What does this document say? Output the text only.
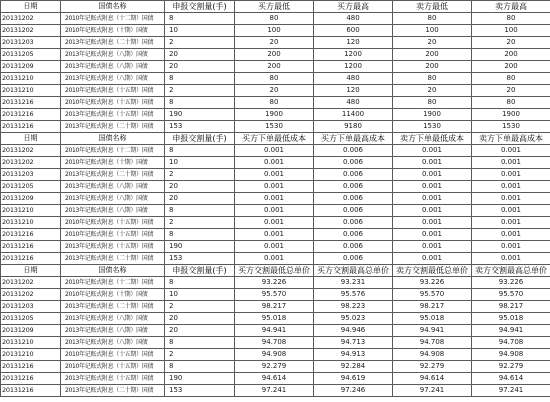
日期	国债名称	申报交割量(手)	买方最低	买方最高	卖方最低	卖方最高
20131202	2010年记账式附息（十二期）国债	8	80	480	80	80
20131202	2010年记账式附息（十期）国债	10	100	600	100	100
20131203	2013年记账式附息（二十期）国债	2	20	120	20	20
20131205	2013年记账式附息（八期）国债	20	200	1200	200	200
20131209	2013年记账式附息（八期）国债	20	200	1200	200	200
20131210	2013年记账式附息（八期）国债	8	80	480	80	80
20131210	2010年记账式附息（十五期）国债	2	20	120	20	20
20131216	2010年记账式附息（十五期）国债	8	80	480	80	80
20131216	2013年记账式附息（十五期）国债	190	1900	11400	1900	1900
20131216	2013年记账式附息（二十期）国债	153	1530	9180	1530	1530
日期	国债名称	申报交割量(手)	买方下单最低成本	买方下单最高成本	卖方下单最低成本	卖方下单最高成本
20131202	2010年记账式附息（十二期）国债	8	0.001	0.006	0.001	0.001
20131202	2010年记账式附息（十期）国债	10	0.001	0.006	0.001	0.001
20131203	2013年记账式附息（二十期）国债	2	0.001	0.006	0.001	0.001
20131205	2013年记账式附息（八期）国债	20	0.001	0.006	0.001	0.001
20131209	2013年记账式附息（八期）国债	20	0.001	0.006	0.001	0.001
20131210	2013年记账式附息（八期）国债	8	0.001	0.006	0.001	0.001
20131210	2010年记账式附息（十五期）国债	2	0.001	0.006	0.001	0.001
20131216	2010年记账式附息（十五期）国债	8	0.001	0.006	0.001	0.001
20131216	2013年记账式附息（十五期）国债	190	0.001	0.006	0.001	0.001
20131216	2013年记账式附息（二十期）国债	153	0.001	0.006	0.001	0.001
日期	国债名称	申报交割量(手)	买方交割最低总单价	买方交割最高总单价	卖方交割最低总单价	卖方交割最高总单价
20131202	2010年记账式附息（十二期）国债	8	93.226	93.231	93.226	93.226
20131202	2010年记账式附息（十期）国债	10	95.570	95.576	95.570	95.570
20131203	2013年记账式附息（二十期）国债	2	98.217	98.223	98.217	98.217
20131205	2013年记账式附息（八期）国债	20	95.018	95.023	95.018	95.018
20131209	2013年记账式附息（八期）国债	20	94.941	94.946	94.941	94.941
20131210	2013年记账式附息（八期）国债	8	94.708	94.713	94.708	94.708
20131210	2010年记账式附息（十五期）国债	2	94.908	94.913	94.908	94.908
20131216	2010年记账式附息（十五期）国债	8	92.279	92.284	92.279	92.279
20131216	2013年记账式附息（十五期）国债	190	94.614	94.619	94.614	94.614
20131216	2013年记账式附息（二十期）国债	153	97.241	97.246	97.241	97.241
